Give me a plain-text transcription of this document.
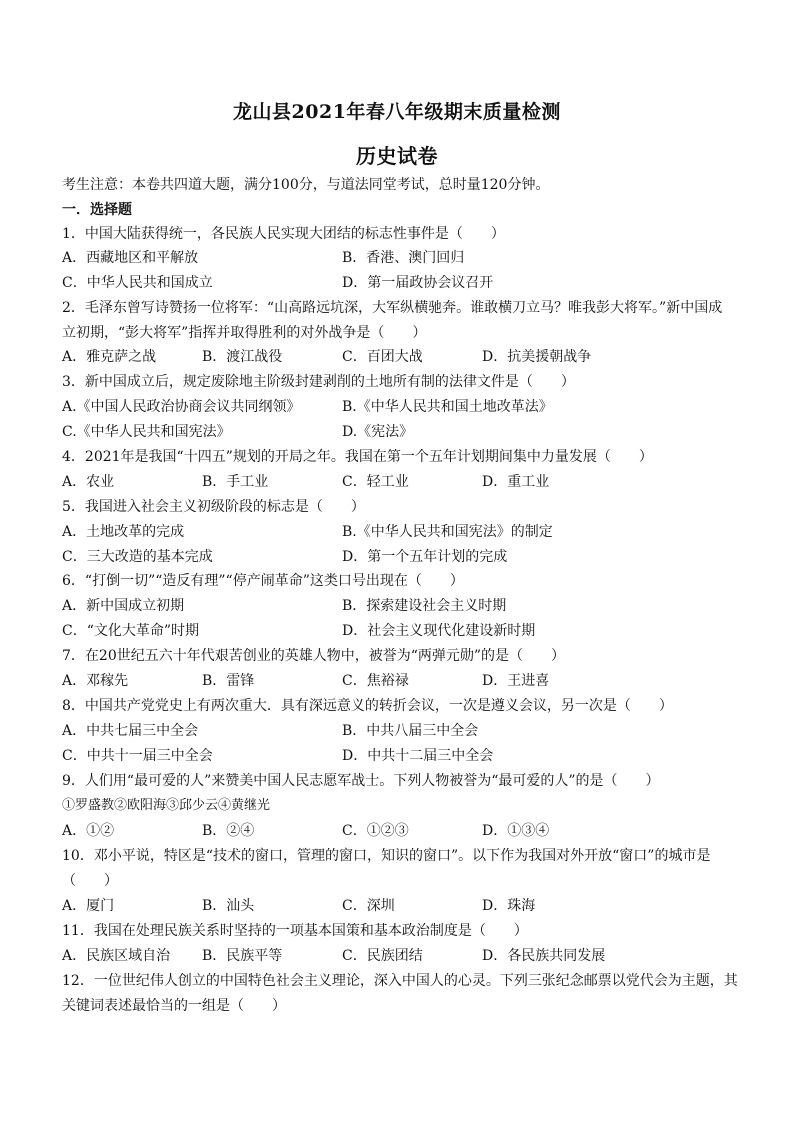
龙山县2021年春八年级期末质量检测
历史试卷
考生注意：本卷共四道大题，满分100分，与道法同堂考试，总时量120分钟。
一．选择题
1．中国大陆获得统一，各民族人民实现大团结的标志性事件是（　　）
A．西藏地区和平解放	B．香港、澳门回归
C．中华人民共和国成立	D．第一届政协会议召开
2．毛泽东曾写诗赞扬一位将军：“山高路远坑深，大军纵横驰奔。谁敢横刀立马？唯我彭大将军。”新中国成
立初期，“彭大将军”指挥并取得胜利的对外战争是（　　）
A．雅克萨之战	B．渡江战役	C．百团大战	D．抗美援朝战争
3．新中国成立后，规定废除地主阶级封建剥削的土地所有制的法律文件是（　　）
A.《中国人民政治协商会议共同纲领》	B.《中华人民共和国土地改革法》
C.《中华人民共和国宪法》	D.《宪法》
4．2021年是我国“十四五”规划的开局之年。我国在第一个五年计划期间集中力量发展（　　）
A．农业	B．手工业	C．轻工业	D．重工业
5．我国进入社会主义初级阶段的标志是（　　）
A．土地改革的完成	B.《中华人民共和国宪法》的制定
C．三大改造的基本完成	D．第一个五年计划的完成
6．“打倒一切”“造反有理”“停产闹革命”这类口号出现在（　　）
A．新中国成立初期	B．探索建设社会主义时期
C．“文化大革命”时期	D．社会主义现代化建设新时期
7．在20世纪五六十年代艰苦创业的英雄人物中，被誉为“两弹元勋”的是（　　）
A．邓稼先	B．雷锋	C．焦裕禄	D．王进喜
8．中国共产党党史上有两次重大．具有深远意义的转折会议，一次是遵义会议，另一次是（　　）
A．中共七届三中全会	B．中共八届三中全会
C．中共十一届三中全会	D．中共十二届三中全会
9．人们用“最可爱的人”来赞美中国人民志愿军战士。下列人物被誉为“最可爱的人”的是（　　）
①罗盛教②欧阳海③邱少云④黄继光
A．①②	B．②④	C．①②③	D．①③④
10．邓小平说，特区是“技术的窗口，管理的窗口，知识的窗口”。以下作为我国对外开放“窗口”的城市是
（　　）
A．厦门	B．汕头	C．深圳	D．珠海
11．我国在处理民族关系时坚持的一项基本国策和基本政治制度是（　　）
A．民族区域自治 B．民族平等	C．民族团结	D．各民族共同发展
12．一位世纪伟人创立的中国特色社会主义理论，深入中国人的心灵。下列三张纪念邮票以党代会为主题，其
关键词表述最恰当的一组是（　　）
